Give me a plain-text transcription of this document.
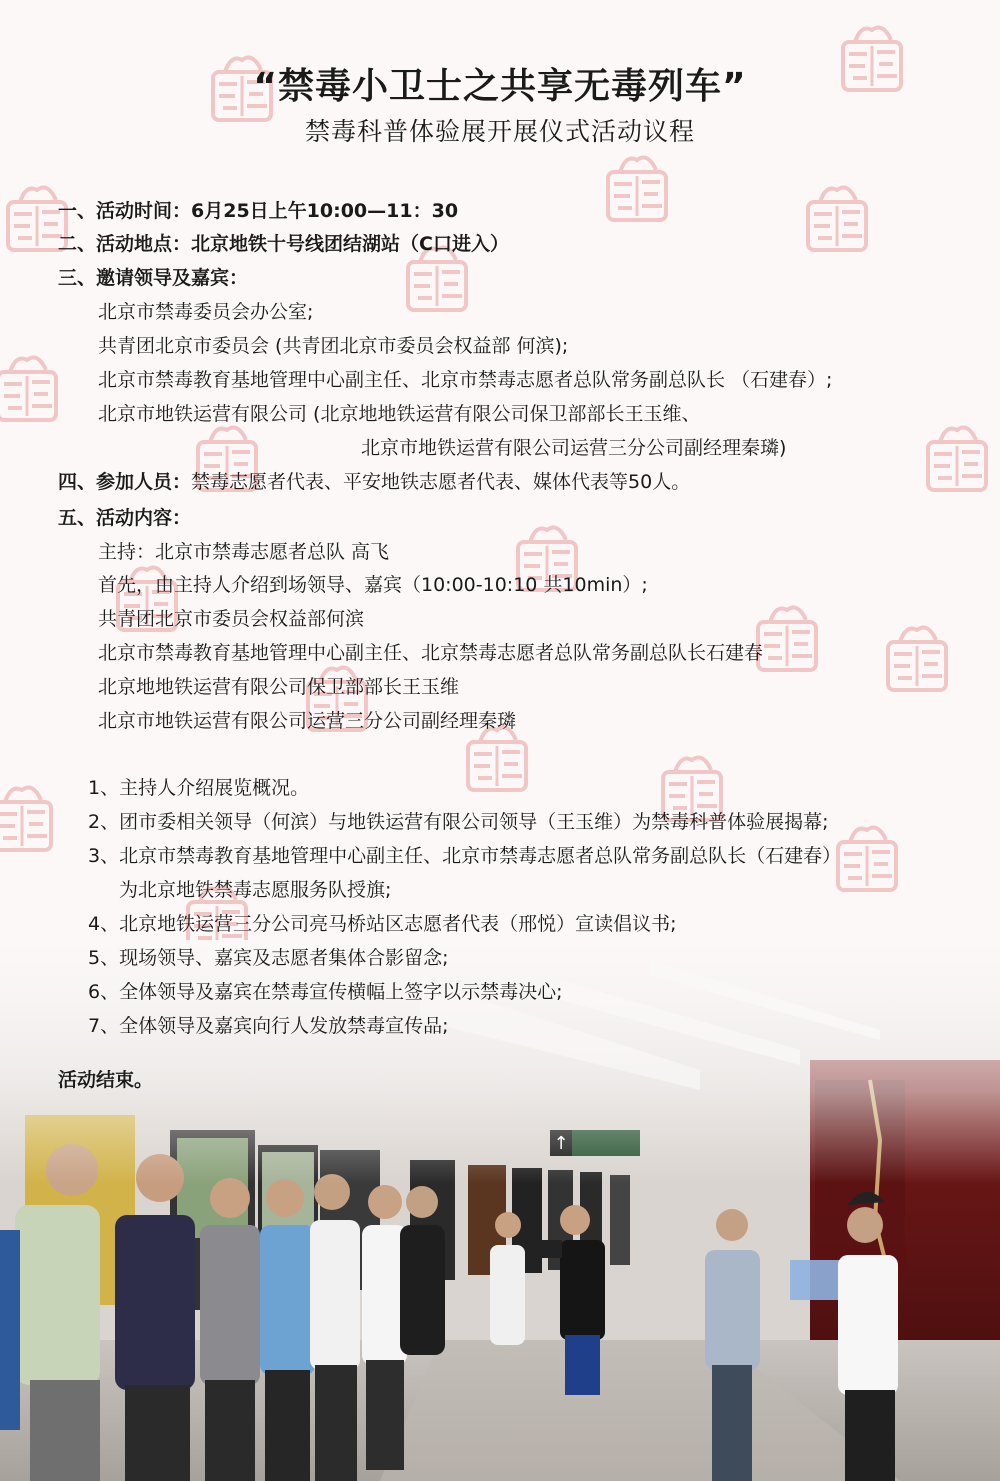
“禁毒小卫士之共享无毒列车”
禁毒科普体验展开展仪式活动议程
一、活动时间：6月25日上午10:00—11：30
二、活动地点：北京地铁十号线团结湖站（C口进入）
三、邀请领导及嘉宾：
北京市禁毒委员会办公室;
共青团北京市委员会 (共青团北京市委员会权益部 何滨);
北京市禁毒教育基地管理中心副主任、北京市禁毒志愿者总队常务副总队长 （石建春）;
北京市地铁运营有限公司 (北京地地铁运营有限公司保卫部部长王玉维、
北京市地铁运营有限公司运营三分公司副经理秦璘)
四、参加人员：禁毒志愿者代表、平安地铁志愿者代表、媒体代表等50人。
五、活动内容：
主持：北京市禁毒志愿者总队 高飞
首先，由主持人介绍到场领导、嘉宾（10:00-10:10 共10min）;
共青团北京市委员会权益部何滨
北京市禁毒教育基地管理中心副主任、北京禁毒志愿者总队常务副总队长石建春
北京地地铁运营有限公司保卫部部长王玉维
北京市地铁运营有限公司运营三分公司副经理秦璘
1、主持人介绍展览概况。
2、团市委相关领导（何滨）与地铁运营有限公司领导（王玉维）为禁毒科普体验展揭幕;
3、北京市禁毒教育基地管理中心副主任、北京市禁毒志愿者总队常务副总队长（石建春）
为北京地铁禁毒志愿服务队授旗;
4、北京地铁运营三分公司亮马桥站区志愿者代表（邢悦）宣读倡议书;
5、现场领导、嘉宾及志愿者集体合影留念;
6、全体领导及嘉宾在禁毒宣传横幅上签字以示禁毒决心;
7、全体领导及嘉宾向行人发放禁毒宣传品;
活动结束。
